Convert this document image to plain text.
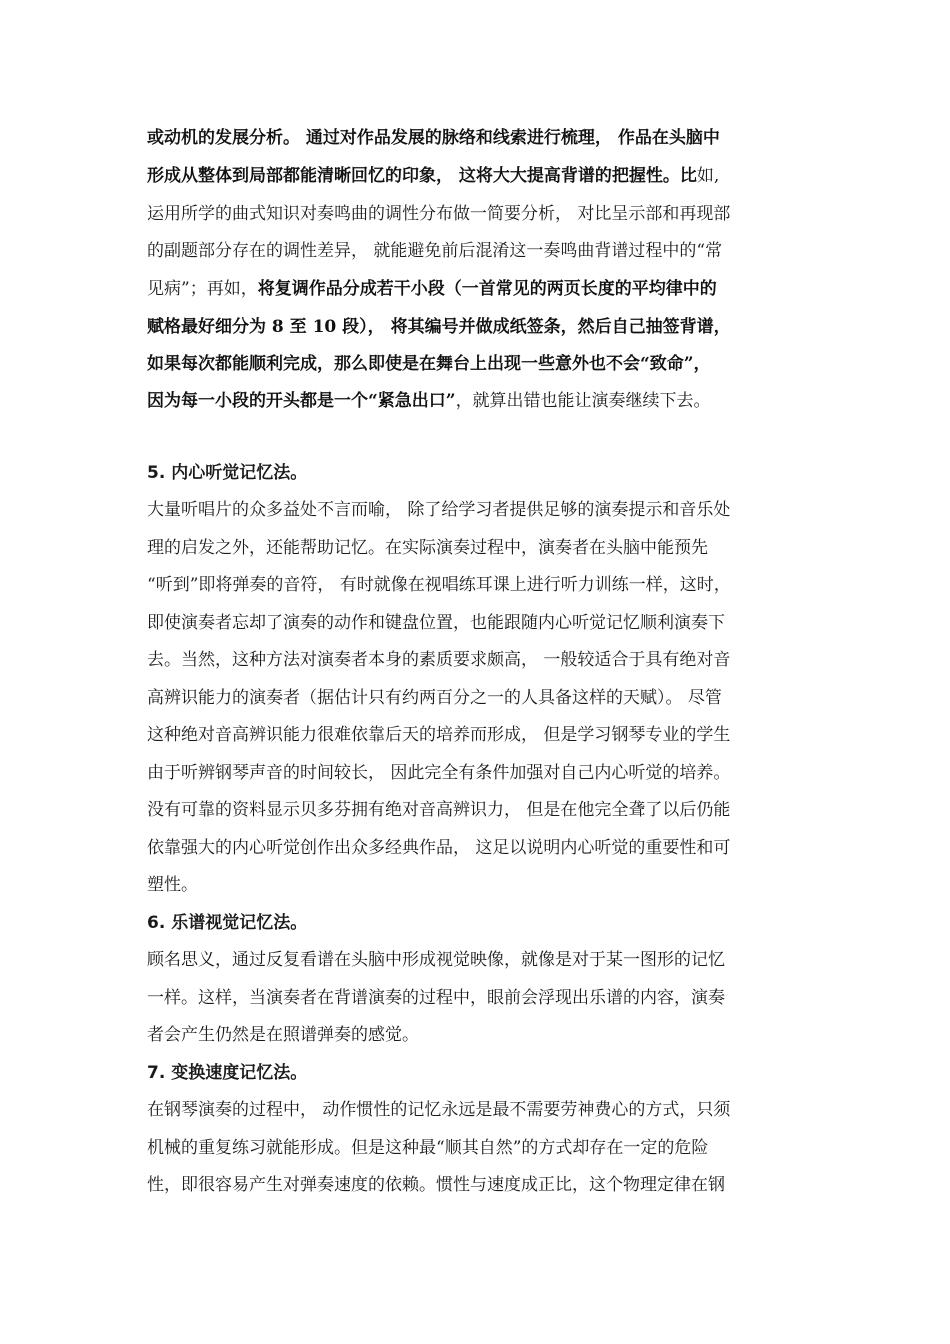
或动机的发展分析。 通过对作品发展的脉络和线索进行梳理， 作品在头脑中
形成从整体到局部都能清晰回忆的印象， 这将大大提高背谱的把握性。比如,
运用所学的曲式知识对奏鸣曲的调性分布做一简要分析， 对比呈示部和再现部
的副题部分存在的调性差异， 就能避免前后混淆这一奏鸣曲背谱过程中的“常
见病”；再如，将复调作品分成若干小段（一首常见的两页长度的平均律中的
赋格最好细分为 8 至 10 段）， 将其编号并做成纸签条，然后自己抽签背谱，
如果每次都能顺利完成，那么即使是在舞台上出现一些意外也不会“致命”，
因为每一小段的开头都是一个“紧急出口”，就算出错也能让演奏继续下去。
5. 内心听觉记忆法。
大量听唱片的众多益处不言而喻， 除了给学习者提供足够的演奏提示和音乐处
理的启发之外，还能帮助记忆。在实际演奏过程中，演奏者在头脑中能预先
“听到”即将弹奏的音符， 有时就像在视唱练耳课上进行听力训练一样，这时，
即使演奏者忘却了演奏的动作和键盘位置，也能跟随内心听觉记忆顺利演奏下
去。当然，这种方法对演奏者本身的素质要求颇高， 一般较适合于具有绝对音
高辨识能力的演奏者（据估计只有约两百分之一的人具备这样的天赋）。 尽管
这种绝对音高辨识能力很难依靠后天的培养而形成， 但是学习钢琴专业的学生
由于听辨钢琴声音的时间较长， 因此完全有条件加强对自己内心听觉的培养。
没有可靠的资料显示贝多芬拥有绝对音高辨识力， 但是在他完全聋了以后仍能
依靠强大的内心听觉创作出众多经典作品， 这足以说明内心听觉的重要性和可
塑性。
6. 乐谱视觉记忆法。
顾名思义，通过反复看谱在头脑中形成视觉映像，就像是对于某一图形的记忆
一样。这样，当演奏者在背谱演奏的过程中，眼前会浮现出乐谱的内容，演奏
者会产生仍然是在照谱弹奏的感觉。
7. 变换速度记忆法。
在钢琴演奏的过程中， 动作惯性的记忆永远是最不需要劳神费心的方式，只须
机械的重复练习就能形成。但是这种最“顺其自然”的方式却存在一定的危险
性，即很容易产生对弹奏速度的依赖。惯性与速度成正比，这个物理定律在钢
